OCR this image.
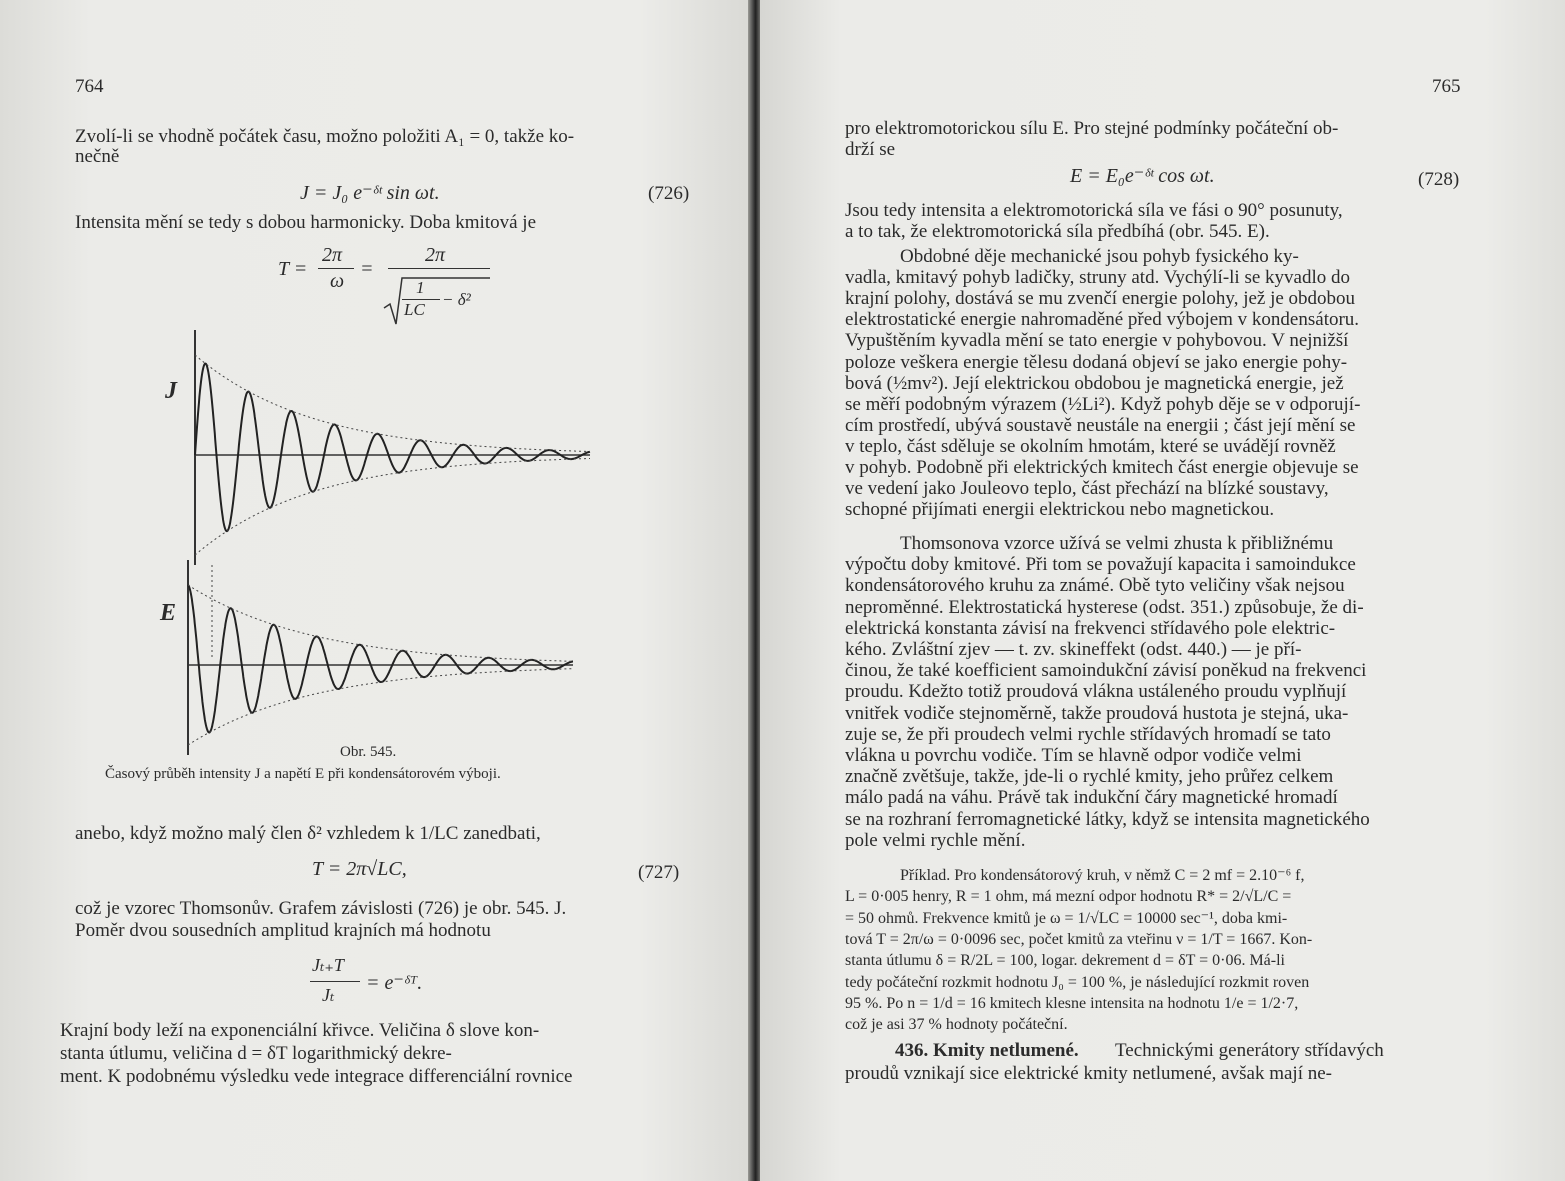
764
Zvolí-li se vhodně počátek času, možno položiti A₁ = 0, takže ko-
nečně
J = J₀ e⁻ᵟᵗ sin ωt.	(726)
Intensita mění se tedy s dobou harmonicky. Doba kmitová je
T =
2π
ω
=
2π
1
LC
− δ²
J
E
Obr. 545.
Časový průběh intensity J a napětí E při kondensátorovém výboji.
anebo, když možno malý člen δ² vzhledem k 1/LC zanedbati,
T = 2π√LC,	(727)
což je vzorec Thomsonův. Grafem závislosti (726) je obr. 545. J.
Poměr dvou sousedních amplitud krajních má hodnotu
Jₜ₊T
Jₜ
= e⁻ᵟᵀ.
Krajní body leží na exponenciální křivce. Veličina δ slove kon-
stanta útlumu, veličina d = δT logarithmický dekre-
ment. K podobnému výsledku vede integrace differenciální rovnice
765
pro elektromotorickou sílu E. Pro stejné podmínky počáteční ob-
drží se
E = E₀e⁻ᵟᵗ cos ωt.	(728)
Jsou tedy intensita a elektromotorická síla ve fási o 90° posunuty,
a to tak, že elektromotorická síla předbíhá (obr. 545. E).
Obdobné děje mechanické jsou pohyb fysického ky-
vadla, kmitavý pohyb ladičky, struny atd. Vychýlí-li se kyvadlo do
krajní polohy, dostává se mu zvenčí energie polohy, jež je obdobou
elektrostatické energie nahromaděné před výbojem v kondensátoru.
Vypuštěním kyvadla mění se tato energie v pohybovou. V nejnižší
poloze veškera energie tělesu dodaná objeví se jako energie pohy-
bová (½mv²). Její elektrickou obdobou je magnetická energie, jež
se měří podobným výrazem (½Li²). Když pohyb děje se v odporují-
cím prostředí, ubývá soustavě neustále na energii ; část její mění se
v teplo, část sděluje se okolním hmotám, které se uvádějí rovněž
v pohyb. Podobně při elektrických kmitech část energie objevuje se
ve vedení jako Jouleovo teplo, část přechází na blízké soustavy,
schopné přijímati energii elektrickou nebo magnetickou.
Thomsonova vzorce užívá se velmi zhusta k přibližnému
výpočtu doby kmitové. Při tom se považují kapacita i samoindukce
kondensátorového kruhu za známé. Obě tyto veličiny však nejsou
neproměnné. Elektrostatická hysterese (odst. 351.) způsobuje, že di-
elektrická konstanta závisí na frekvenci střídavého pole elektric-
kého. Zvláštní zjev — t. zv. skineffekt (odst. 440.) — je pří-
činou, že také koefficient samoindukční závisí poněkud na frekvenci
proudu. Kdežto totiž proudová vlákna ustáleného proudu vyplňují
vnitřek vodiče stejnoměrně, takže proudová hustota je stejná, uka-
zuje se, že při proudech velmi rychle střídavých hromadí se tato
vlákna u povrchu vodiče. Tím se hlavně odpor vodiče velmi
značně zvětšuje, takže, jde-li o rychlé kmity, jeho průřez celkem
málo padá na váhu. Právě tak indukční čáry magnetické hromadí
se na rozhraní ferromagnetické látky, když se intensita magnetického
pole velmi rychle mění.
Příklad. Pro kondensátorový kruh, v němž C = 2 mf = 2.10⁻⁶ f,
L = 0·005 henry, R = 1 ohm, má mezní odpor hodnotu R* = 2/√L/C =
= 50 ohmů. Frekvence kmitů je ω = 1/√LC = 10000 sec⁻¹, doba kmi-
tová T = 2π/ω = 0·0096 sec, počet kmitů za vteřinu ν = 1/T = 1667. Kon-
stanta útlumu δ = R/2L = 100, logar. dekrement d = δT = 0·06. Má-li
tedy počáteční rozkmit hodnotu J₀ = 100 %, je následující rozkmit roven
95 %. Po n = 1/d = 16 kmitech klesne intensita na hodnotu 1/e = 1/2·7,
což je asi 37 % hodnoty počáteční.
436. Kmity netlumené. Technickými generátory střídavých
proudů vznikají sice elektrické kmity netlumené, avšak mají ne-
